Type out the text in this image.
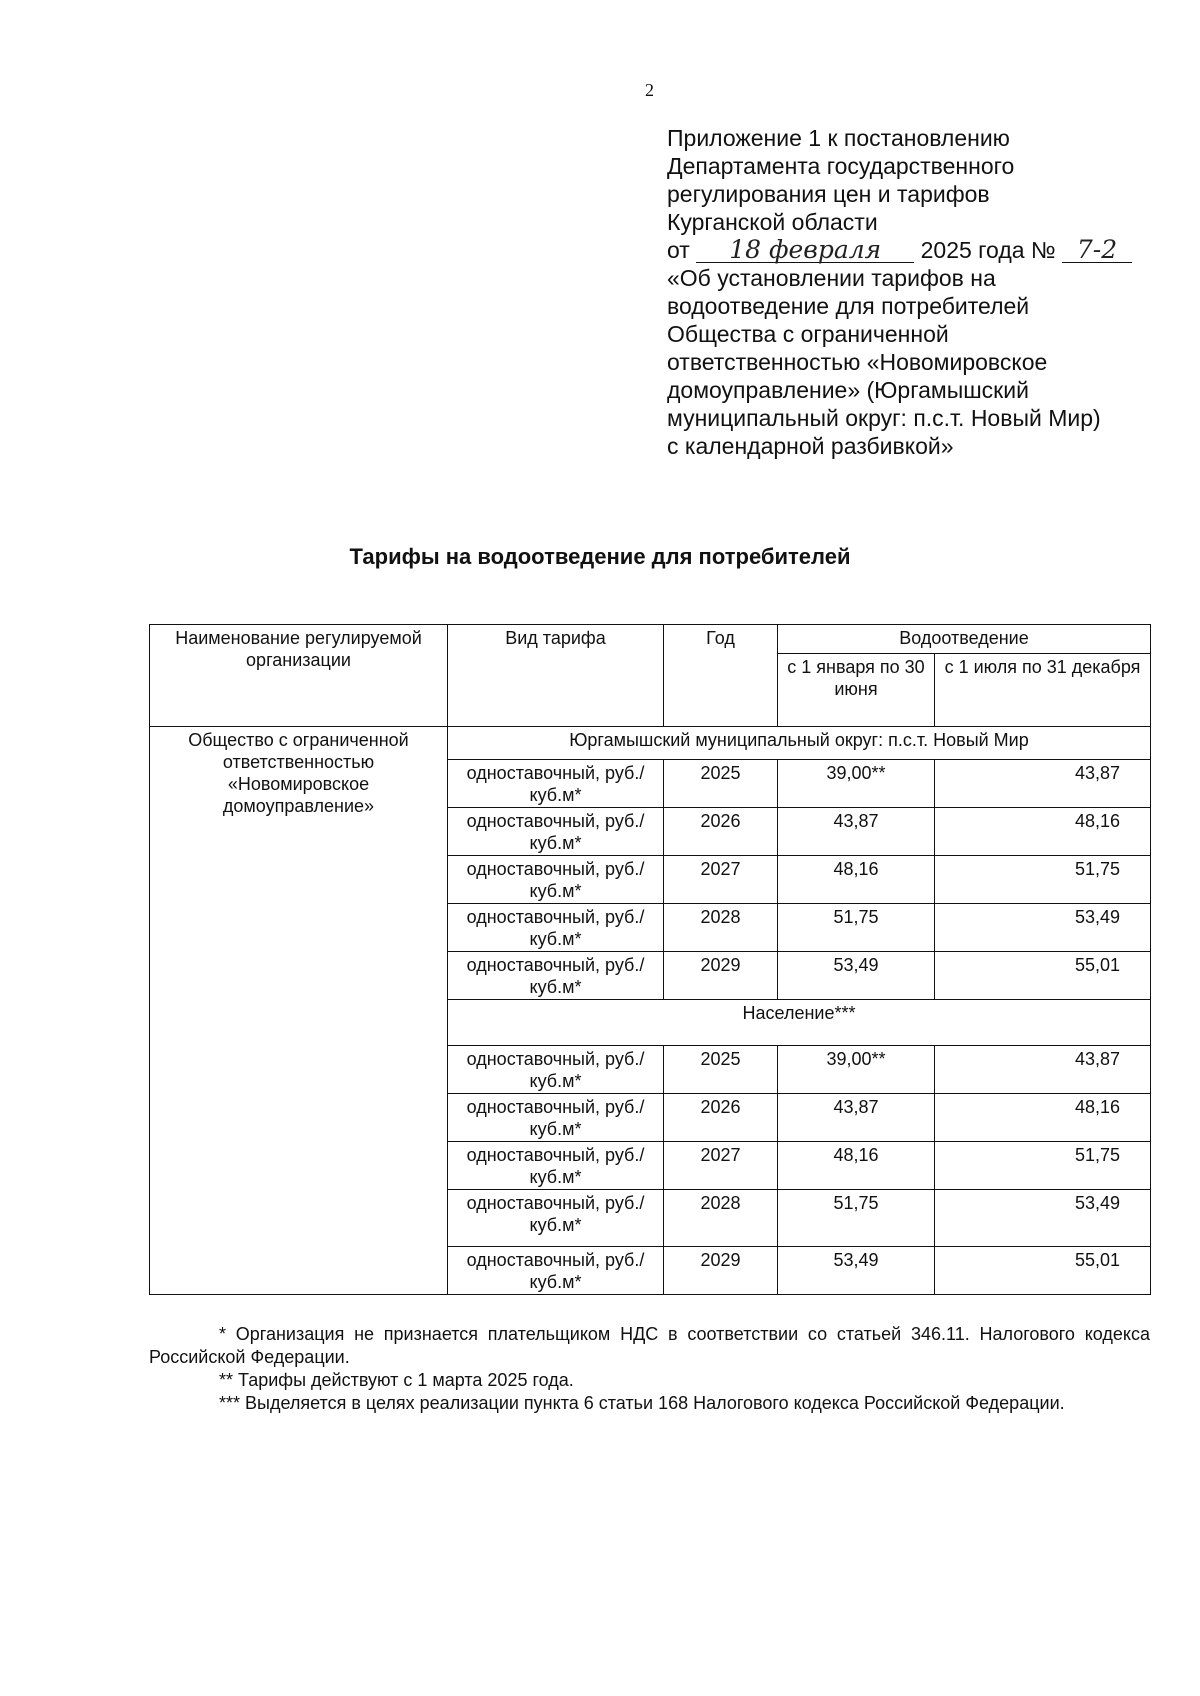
2
Приложение 1 к постановлению
Департамента государственного
регулирования цен и тарифов
Курганской области
от 18 февраля 2025 года № 7-2
«Об установлении тарифов на
водоотведение для потребителей
Общества с ограниченной
ответственностью «Новомировское
домоуправление» (Юргамышский
муниципальный округ: п.с.т. Новый Мир)
с календарной разбивкой»
Тарифы на водоотведение для потребителей
Наименование регулируемой организации	Вид тарифа	Год	Водоотведение	
			с 1 января по 30 июня	с 1 июля по 31 декабря
Общество с ограниченной ответственностью «Новомировское домоуправление»	Юргамышский муниципальный округ: п.с.т. Новый Мир			
	одноставочный, руб./куб.м*	2025	39,00**	43,87
	одноставочный, руб./куб.м*	2026	43,87	48,16
	одноставочный, руб./куб.м*	2027	48,16	51,75
	одноставочный, руб./куб.м*	2028	51,75	53,49
	одноставочный, руб./куб.м*	2029	53,49	55,01
	Население***			
	одноставочный, руб./куб.м*	2025	39,00**	43,87
	одноставочный, руб./куб.м*	2026	43,87	48,16
	одноставочный, руб./куб.м*	2027	48,16	51,75
	одноставочный, руб./куб.м*	2028	51,75	53,49
	одноставочный, руб./куб.м*	2029	53,49	55,01

* Организация не признается плательщиком НДС в соответствии со статьей 346.11. Налогового кодекса Российской Федерации.

** Тарифы действуют с 1 марта 2025 года.

*** Выделяется в целях реализации пункта 6 статьи 168 Налогового кодекса Российской Федерации.
